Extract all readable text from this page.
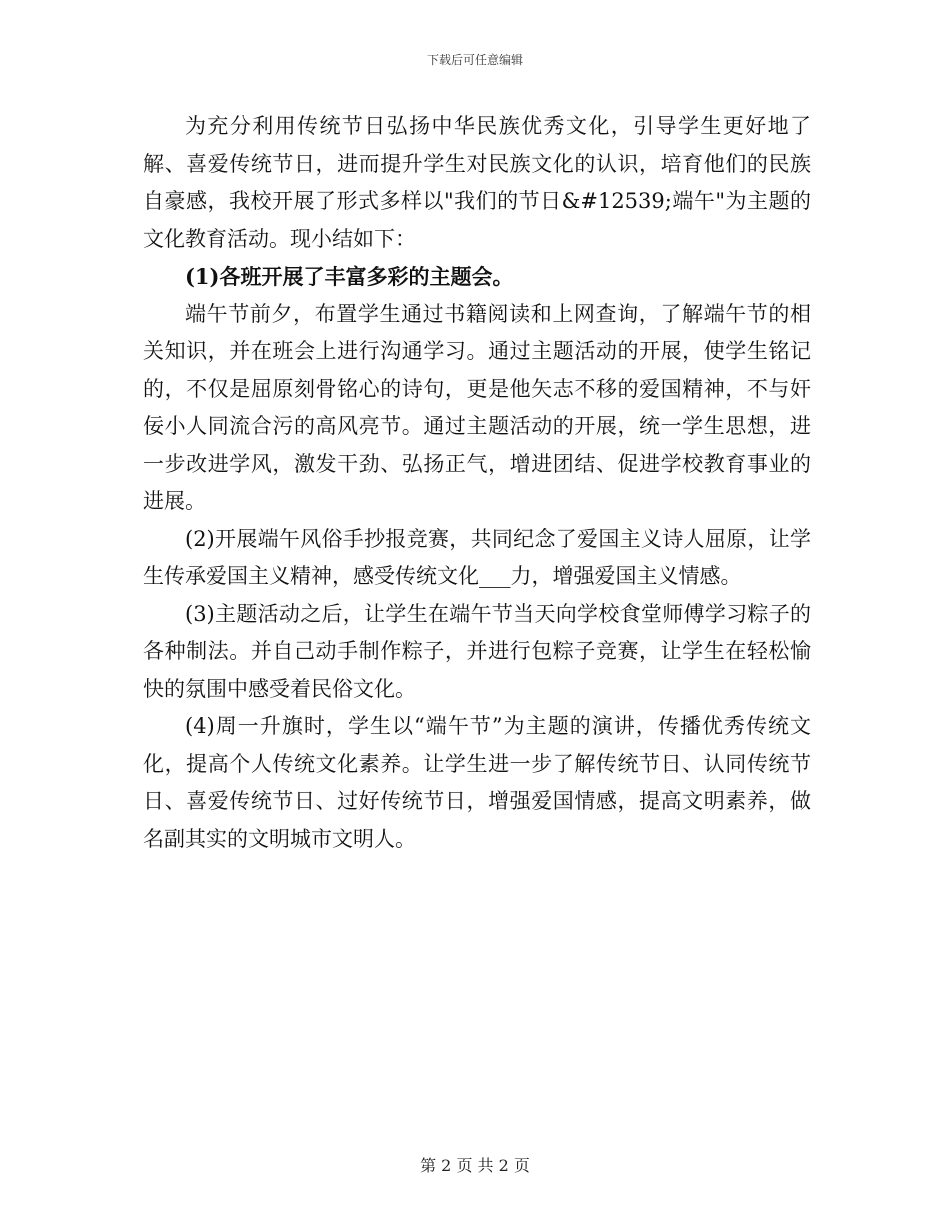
下载后可任意编辑

为充分利用传统节日弘扬中华民族优秀文化，引导学生更好地了解、喜爱传统节日，进而提升学生对民族文化的认识，培育他们的民族自豪感，我校开展了形式多样以"我们的节日&#12539;端午"为主题的文化教育活动。现小结如下：

(1)各班开展了丰富多彩的主题会。

端午节前夕，布置学生通过书籍阅读和上网查询，了解端午节的相关知识，并在班会上进行沟通学习。通过主题活动的开展，使学生铭记的，不仅是屈原刻骨铭心的诗句，更是他矢志不移的爱国精神，不与奸佞小人同流合污的高风亮节。通过主题活动的开展，统一学生思想，进一步改进学风，激发干劲、弘扬正气，增进团结、促进学校教育事业的进展。

(2)开展端午风俗手抄报竞赛，共同纪念了爱国主义诗人屈原，让学生传承爱国主义精神，感受传统文化___力，增强爱国主义情感。

(3)主题活动之后，让学生在端午节当天向学校食堂师傅学习粽子的各种制法。并自己动手制作粽子，并进行包粽子竞赛，让学生在轻松愉快的氛围中感受着民俗文化。

(4)周一升旗时，学生以“端午节”为主题的演讲，传播优秀传统文化，提高个人传统文化素养。让学生进一步了解传统节日、认同传统节日、喜爱传统节日、过好传统节日，增强爱国情感，提高文明素养，做名副其实的文明城市文明人。

第 2 页 共 2 页
